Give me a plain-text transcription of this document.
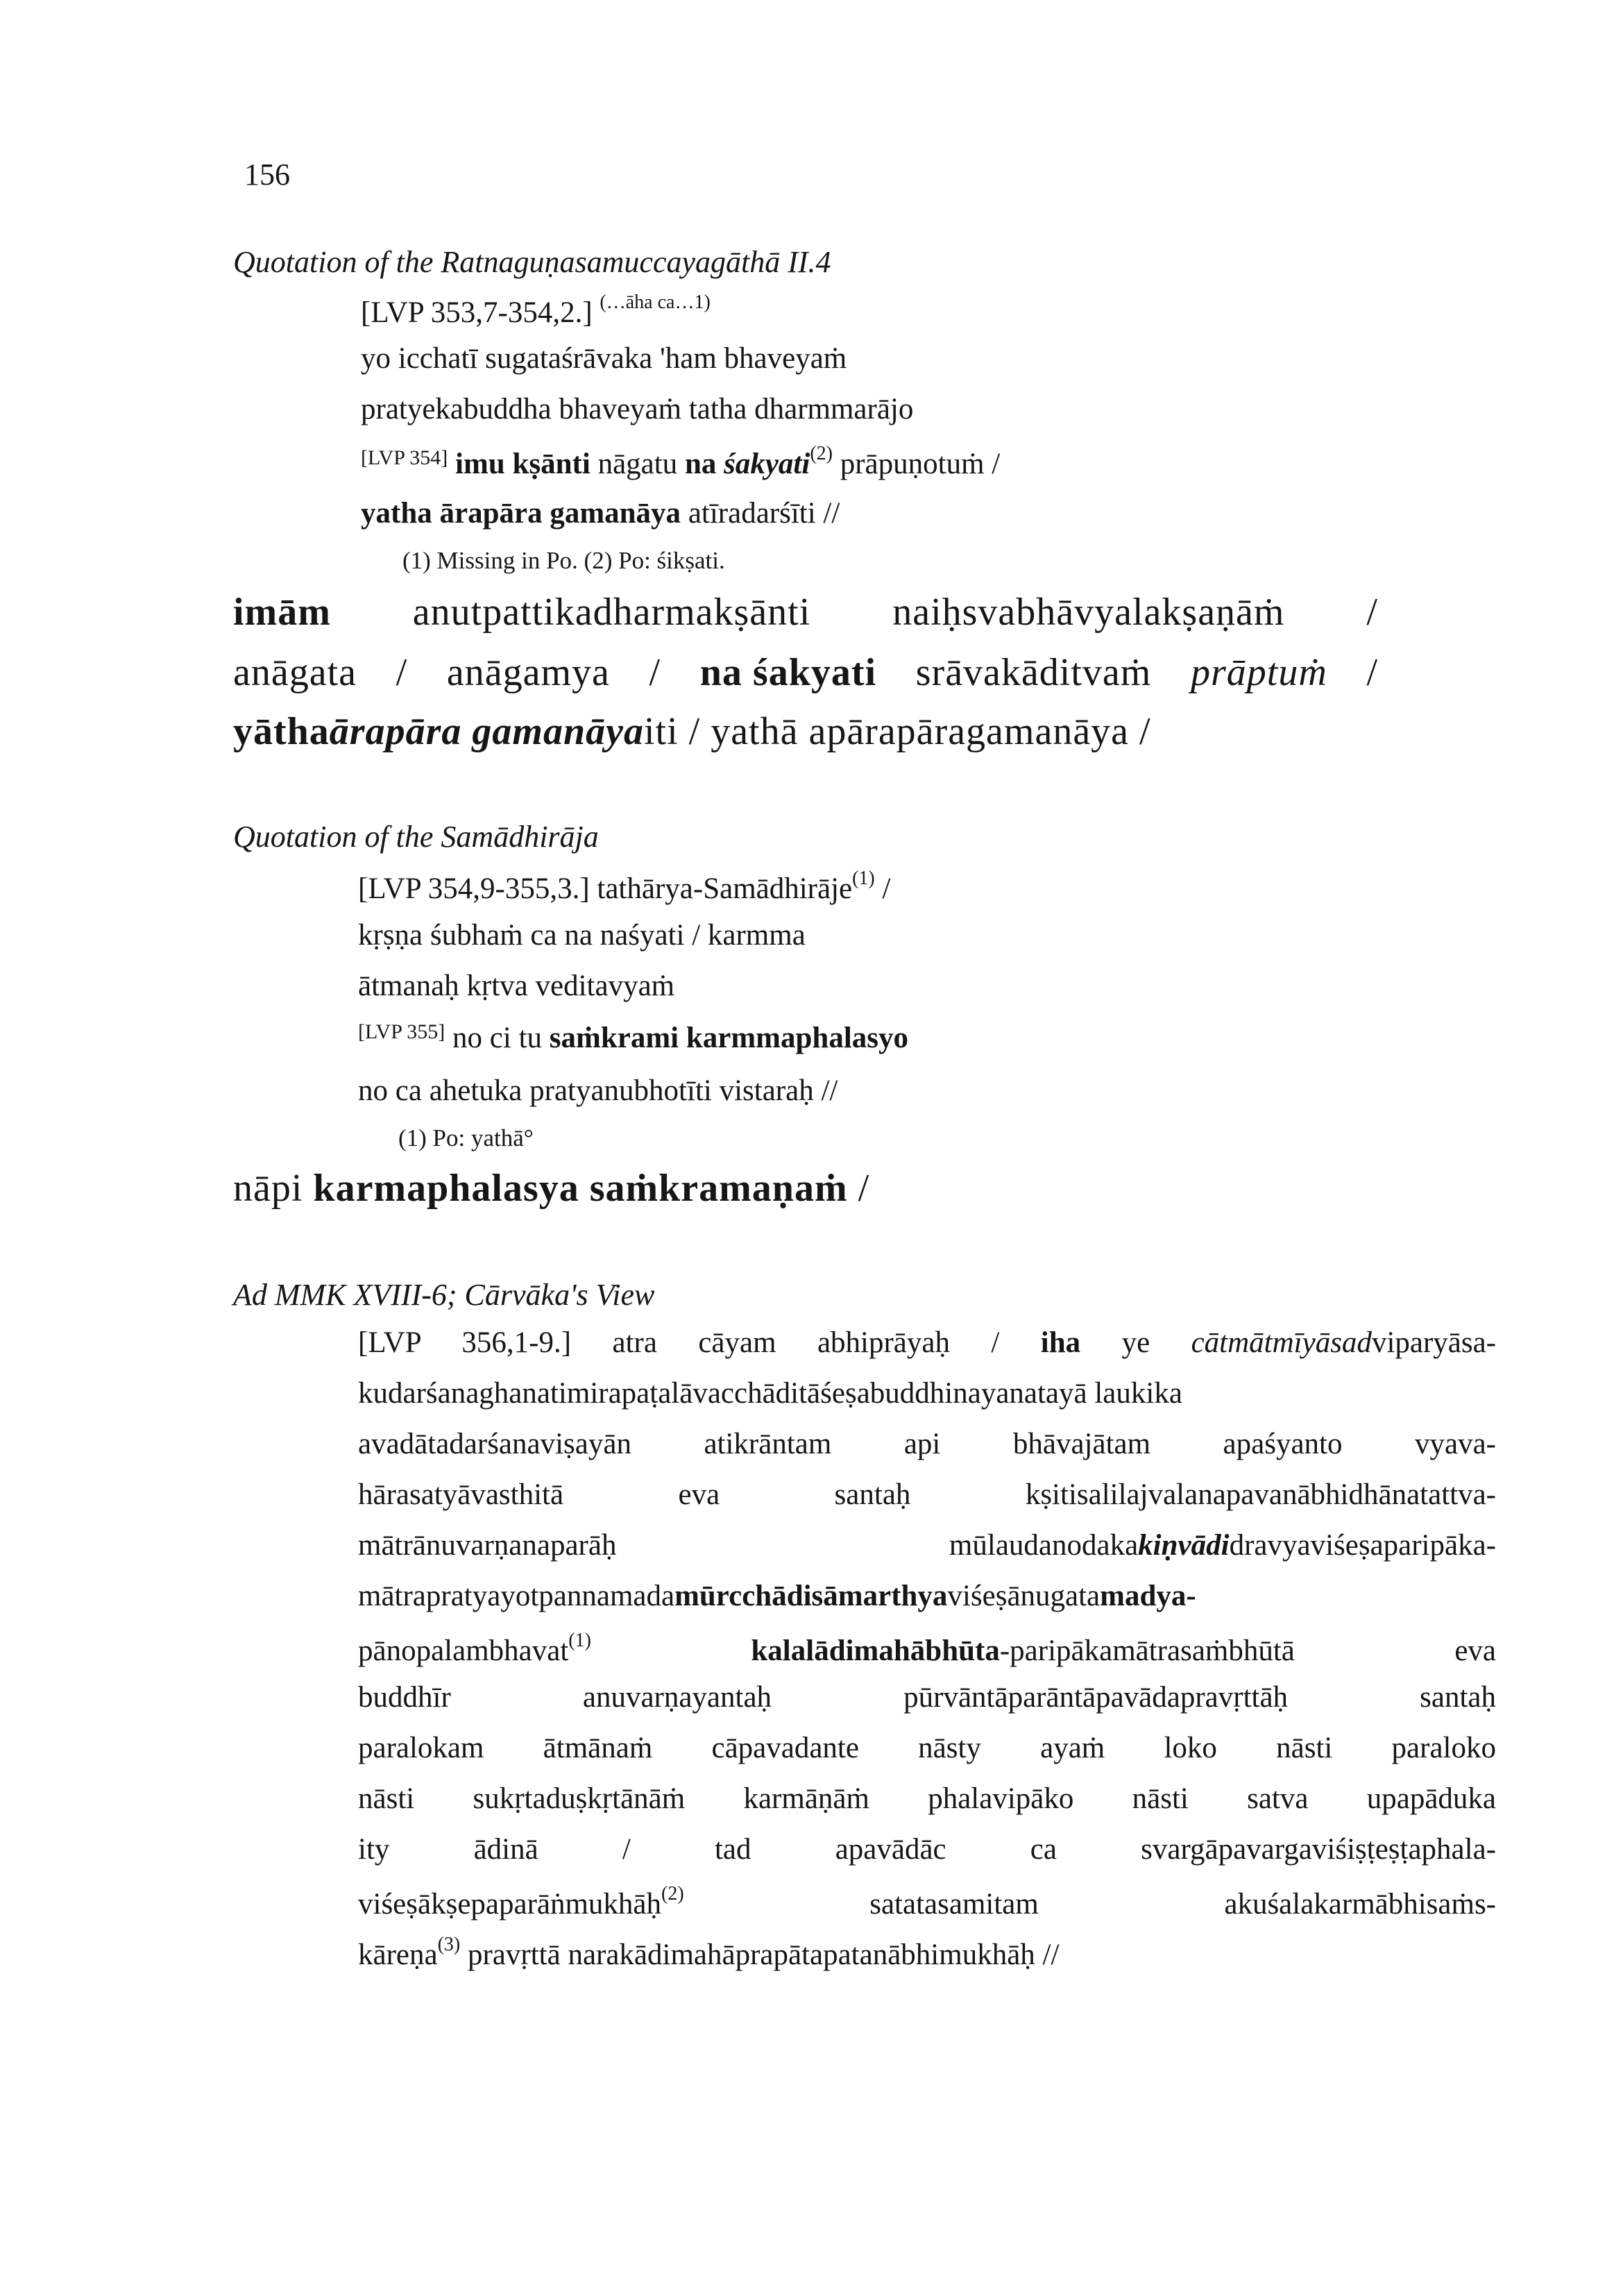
156
Quotation of the Ratnaguṇasamuccayagāthā II.4
[LVP 353,7-354,2.] $^{(\dots āha ca\dots 1)}$
yo icchatī sugataśrāvaka 'ham bhaveyaṁ
pratyekabuddha bhaveyaṁ tatha dharmmarājo
[LVP 354] imu kṣānti nāgatu na śakyati$^{(2)}$ prāpuṇotuṁ /
yatha ārapāra gamanāya atīradarśīti //
(1) Missing in Po. (2) Po: śikṣati.
imām anutpattikadharmakṣānti naiḥsvabhāvyalakṣaṇāṁ /
anāgata / anāgamya / na śakyati srāvakāditvaṁ prāptuṁ /
yāthaārapāra gamanāyaiti / yathā apārapāragamanāya /
Quotation of the Samādhirāja
[LVP 354,9-355,3.] tathārya-Samādhirāje$^{(1)}$ /
kṛṣṇa śubhaṁ ca na naśyati / karmma
ātmanaḥ kṛtva veditavyaṁ
[LVP 355] no ci tu saṁkrami karmmaphalasyo
no ca ahetuka pratyanubhotīti vistaraḥ //
(1) Po: yathā°
nāpi karmaphalasya saṁkramaṇaṁ /
Ad MMK XVIII-6; Cārvāka's View
[LVP 356,1-9.] atra cāyam abhiprāyaḥ / iha ye cātmātmīyāsadviparyāsa-
kudarśanaghanatimirapaṭalāvacchāditāśeṣabuddhinayanatayā laukika
avadātadarśanaviṣayān atikrāntam api bhāvajātam apaśyanto vyava-
hārasatyāvasthitā eva santaḥ kṣitisalilajvalanapavanābhidhānatattva-
mātrānuvarṇanaparāḥ mūlaudanodakakiṇvādidravyaviśeṣaparipāka-
mātrapratyayotpannamadamūrcchādisāmarthyaviśeṣānugatamadya-
pānopalambhavat$^{(1)}$	kalalādimahābhūta-paripākamātrasaṁbhūtā eva
buddhīr anuvarṇayantaḥ pūrvāntāparāntāpavādapravṛttāḥ santaḥ
paralokam ātmānaṁ cāpavadante nāsty ayaṁ loko nāsti paraloko
nāsti sukṛtaduṣkṛtānāṁ karmāṇāṁ phalavipāko nāsti satva upapāduka
ity ādinā / tad apavādāc ca svargāpavargaviśiṣṭeṣṭaphala-
viśeṣākṣepaparāṅmukhāḥ$^{(2)}$	satatasamitam akuśalakarmābhisaṁs-
kāreṇa$^{(3)}$ pravṛttā narakādimahāprapātapatanābhimukhāḥ //
